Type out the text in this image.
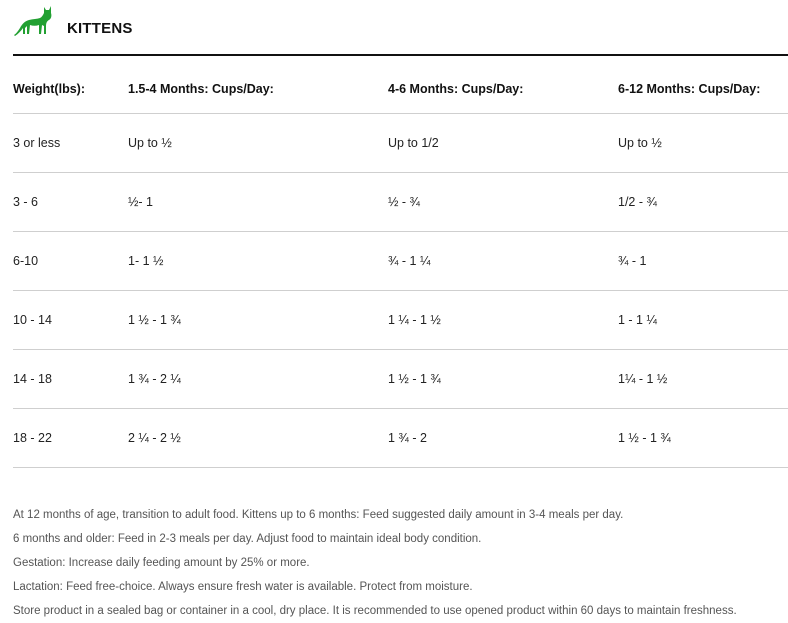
KITTENS
Weight(lbs):	1.5-4 Months: Cups/Day:	4-6 Months: Cups/Day:	6-12 Months: Cups/Day:
3 or less	Up to ½	Up to 1/2	Up to ½
3 - 6	½- 1	½ - ¾	1/2 - ¾
6-10	1- 1 ½	¾ - 1 ¼	¾ - 1
10 - 14	1 ½ - 1 ¾	1 ¼ - 1 ½	1 - 1 ¼
14 - 18	1 ¾ - 2 ¼	1 ½ - 1 ¾	1¼ - 1 ½
18 - 22	2 ¼ - 2 ½	1 ¾ - 2	1 ½ - 1 ¾
At 12 months of age, transition to adult food. Kittens up to 6 months: Feed suggested daily amount in 3-4 meals per day.
6 months and older: Feed in 2-3 meals per day. Adjust food to maintain ideal body condition.
Gestation: Increase daily feeding amount by 25% or more.
Lactation: Feed free-choice. Always ensure fresh water is available. Protect from moisture.
Store product in a sealed bag or container in a cool, dry place. It is recommended to use opened product within 60 days to maintain freshness.
